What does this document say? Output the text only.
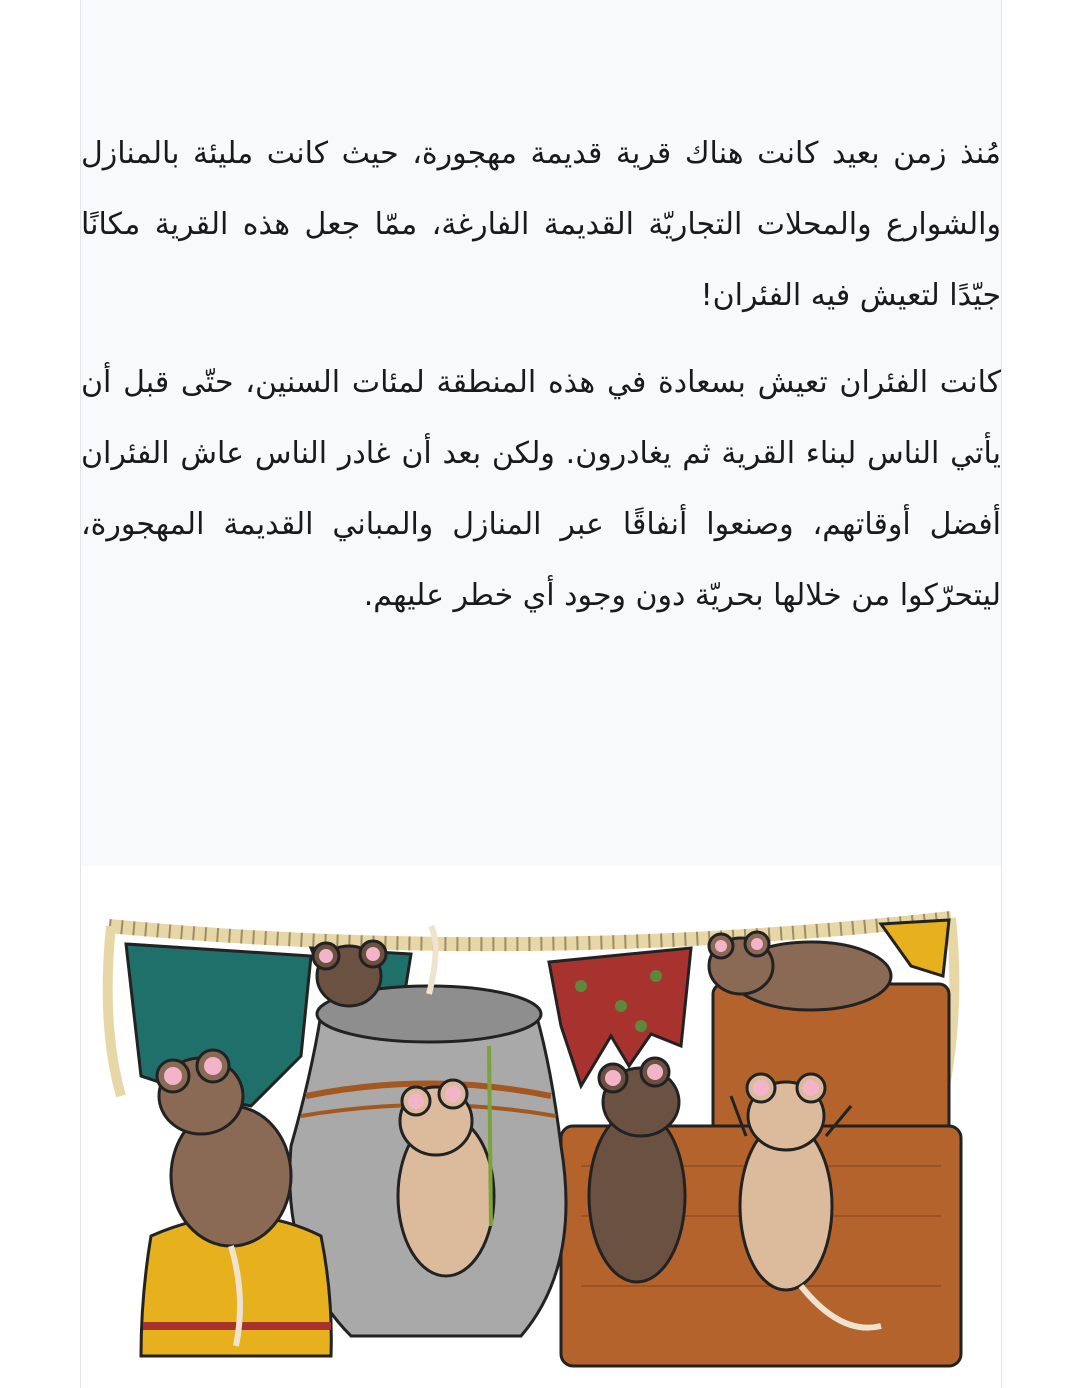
مُنذ زمن بعيد كانت هناك قرية قديمة مهجورة، حيث كانت مليئة بالمنازل والشوارع والمحلات التجاريّة القديمة الفارغة، ممّا جعل هذه القرية مكانًا جيّدًا لتعيش فيه الفئران!

كانت الفئران تعيش بسعادة في هذه المنطقة لمئات السنين، حتّى قبل أن يأتي الناس لبناء القرية ثم يغادرون. ولكن بعد أن غادر الناس عاش الفئران أفضل أوقاتهم، وصنعوا أنفاقًا عبر المنازل والمباني القديمة المهجورة، ليتحرّكوا من خلالها بحريّة دون وجود أي خطر عليهم.

قصص
